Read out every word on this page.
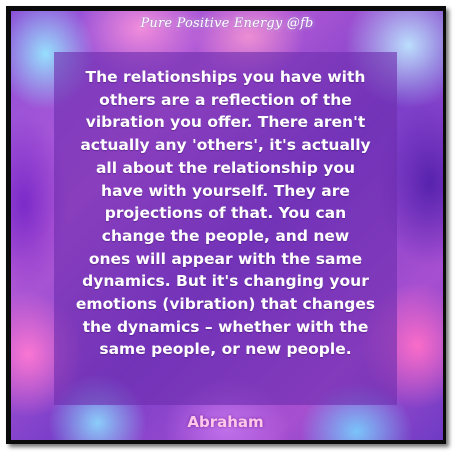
Pure Positive Energy @fb

The relationships you have with
others are a reflection of the
vibration you offer. There aren't
actually any 'others', it's actually
all about the relationship you
have with yourself. They are
projections of that. You can
change the people, and new
ones will appear with the same
dynamics. But it's changing your
emotions (vibration) that changes
the dynamics – whether with the
same people, or new people.

Abraham
